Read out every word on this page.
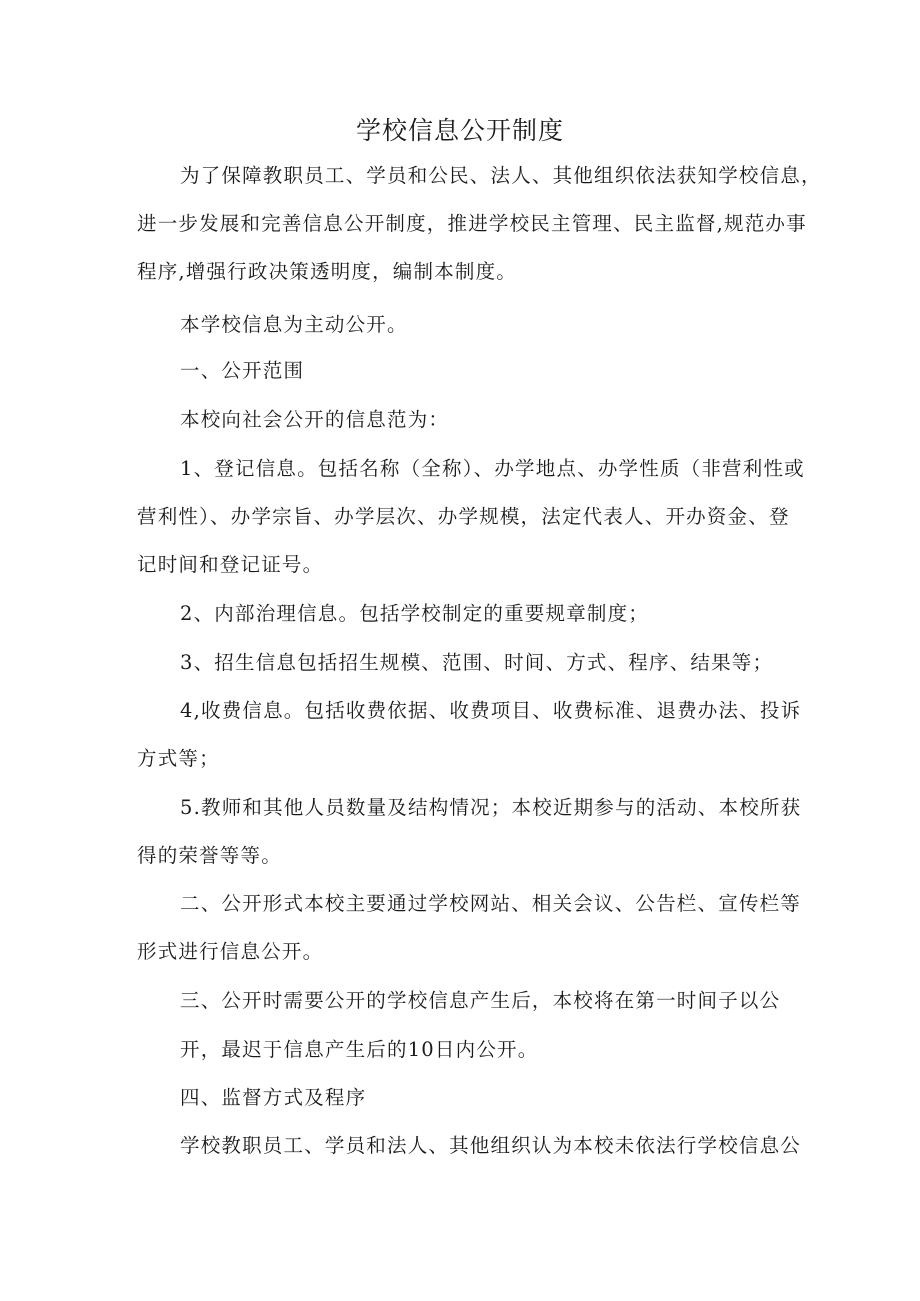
学校信息公开制度
为了保障教职员工、学员和公民、法人、其他组织依法获知学校信息，
进一步发展和完善信息公开制度，推进学校民主管理、民主监督,规范办事
程序,增强行政决策透明度，编制本制度。
本学校信息为主动公开。
一、公开范围
本校向社会公开的信息范为：
1、登记信息。包括名称（全称）、办学地点、办学性质（非营利性或
营利性）、办学宗旨、办学层次、办学规模，法定代表人、开办资金、登
记时间和登记证号。
2、内部治理信息。包括学校制定的重要规章制度；
3、招生信息包括招生规模、范围、时间、方式、程序、结果等；
4,收费信息。包括收费依据、收费项目、收费标准、退费办法、投诉
方式等；
5.教师和其他人员数量及结构情况；本校近期参与的活动、本校所获
得的荣誉等等。
二、公开形式本校主要通过学校网站、相关会议、公告栏、宣传栏等
形式进行信息公开。
三、公开时需要公开的学校信息产生后，本校将在第一时间子以公
开，最迟于信息产生后的10日内公开。
四、监督方式及程序
学校教职员工、学员和法人、其他组织认为本校未依法行学校信息公
